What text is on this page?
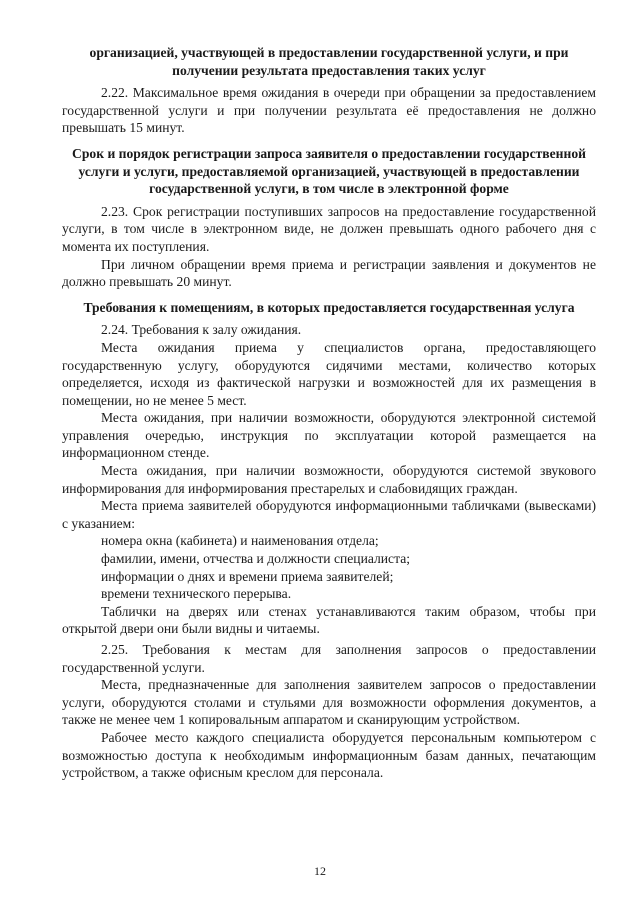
организацией, участвующей в предоставлении государственной услуги, и при получении результата предоставления таких услуг

2.22. Максимальное время ожидания в очереди при обращении за предоставлением государственной услуги и при получении результата её предоставления не должно превышать 15 минут.

Срок и порядок регистрации запроса заявителя о предоставлении государственной услуги и услуги, предоставляемой организацией, участвующей в предоставлении государственной услуги, в том числе в электронной форме

2.23. Срок регистрации поступивших запросов на предоставление государственной услуги, в том числе в электронном виде, не должен превышать одного рабочего дня с момента их поступления.

При личном обращении время приема и регистрации заявления и документов не должно превышать 20 минут.

Требования к помещениям, в которых предоставляется государственная услуга

2.24. Требования к залу ожидания.

Места ожидания приема у специалистов органа, предоставляющего государственную услугу, оборудуются сидячими местами, количество которых определяется, исходя из фактической нагрузки и возможностей для их размещения в помещении, но не менее 5 мест.

Места ожидания, при наличии возможности, оборудуются электронной системой управления очередью, инструкция по эксплуатации которой размещается на информационном стенде.

Места ожидания, при наличии возможности, оборудуются системой звукового информирования для информирования престарелых и слабовидящих граждан.

Места приема заявителей оборудуются информационными табличками (вывесками) с указанием:

номера окна (кабинета) и наименования отдела;

фамилии, имени, отчества и должности специалиста;

информации о днях и времени приема заявителей;

времени технического перерыва.

Таблички на дверях или стенах устанавливаются таким образом, чтобы при открытой двери они были видны и читаемы.

2.25. Требования к местам для заполнения запросов о предоставлении государственной услуги.

Места, предназначенные для заполнения заявителем запросов о предоставлении услуги, оборудуются столами и стульями для возможности оформления документов, а также не менее чем 1 копировальным аппаратом и сканирующим устройством.

Рабочее место каждого специалиста оборудуется персональным компьютером с возможностью доступа к необходимым информационным базам данных, печатающим устройством, а также офисным креслом для персонала.

12
